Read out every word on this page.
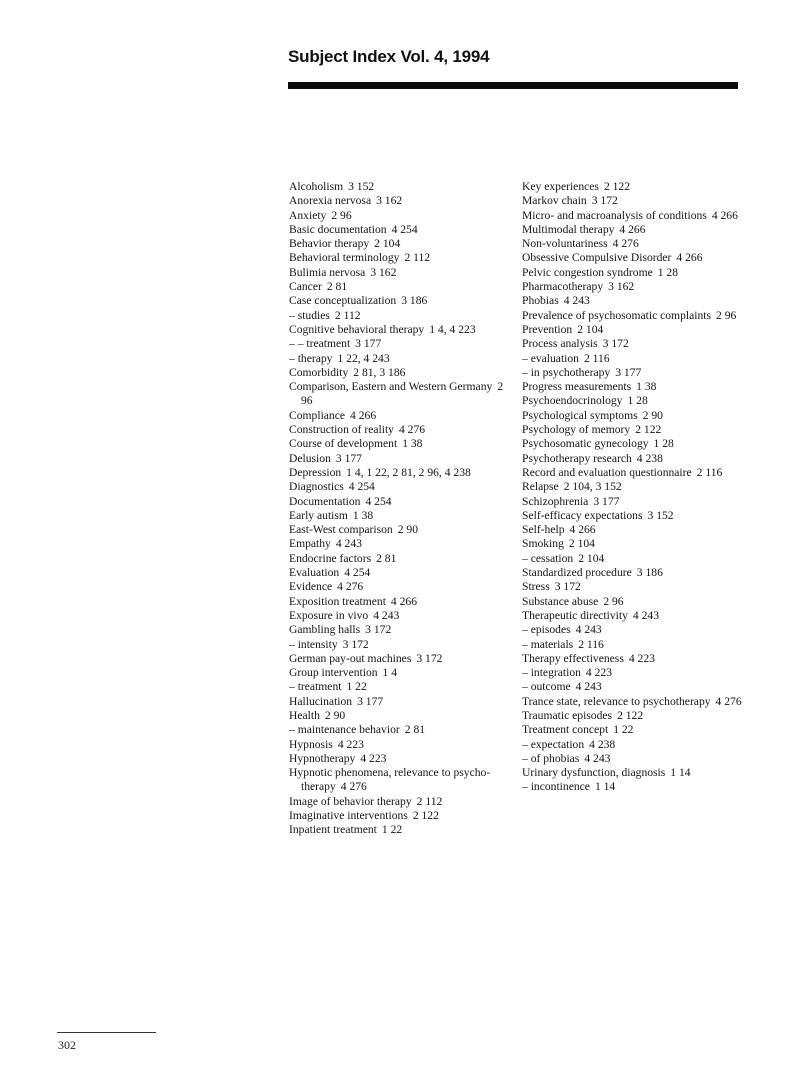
Subject Index Vol. 4, 1994
Alcoholism 3 152
Anorexia nervosa 3 162
Anxiety 2 96
Basic documentation 4 254
Behavior therapy 2 104
Behavioral terminology 2 112
Bulimia nervosa 3 162
Cancer 2 81
Case conceptualization 3 186
– studies 2 112
Cognitive behavioral therapy 1 4, 4 223
– – treatment 3 177
– therapy 1 22, 4 243
Comorbidity 2 81, 3 186
Comparison, Eastern and Western Germany 2 96
Compliance 4 266
Construction of reality 4 276
Course of development 1 38
Delusion 3 177
Depression 1 4, 1 22, 2 81, 2 96, 4 238
Diagnostics 4 254
Documentation 4 254
Early autism 1 38
East-West comparison 2 90
Empathy 4 243
Endocrine factors 2 81
Evaluation 4 254
Evidence 4 276
Exposition treatment 4 266
Exposure in vivo 4 243
Gambling halls 3 172
– intensity 3 172
German pay-out machines 3 172
Group intervention 1 4
– treatment 1 22
Hallucination 3 177
Health 2 90
– maintenance behavior 2 81
Hypnosis 4 223
Hypnotherapy 4 223
Hypnotic phenomena, relevance to psycho-therapy 4 276
Image of behavior therapy 2 112
Imaginative interventions 2 122
Inpatient treatment 1 22
Key experiences 2 122
Markov chain 3 172
Micro- and macroanalysis of conditions 4 266
Multimodal therapy 4 266
Non-voluntariness 4 276
Obsessive Compulsive Disorder 4 266
Pelvic congestion syndrome 1 28
Pharmacotherapy 3 162
Phobias 4 243
Prevalence of psychosomatic complaints 2 96
Prevention 2 104
Process analysis 3 172
– evaluation 2 116
– in psychotherapy 3 177
Progress measurements 1 38
Psychoendocrinology 1 28
Psychological symptoms 2 90
Psychology of memory 2 122
Psychosomatic gynecology 1 28
Psychotherapy research 4 238
Record and evaluation questionnaire 2 116
Relapse 2 104, 3 152
Schizophrenia 3 177
Self-efficacy expectations 3 152
Self-help 4 266
Smoking 2 104
– cessation 2 104
Standardized procedure 3 186
Stress 3 172
Substance abuse 2 96
Therapeutic directivity 4 243
– episodes 4 243
– materials 2 116
Therapy effectiveness 4 223
– integration 4 223
– outcome 4 243
Trance state, relevance to psychotherapy 4 276
Traumatic episodes 2 122
Treatment concept 1 22
– expectation 4 238
– of phobias 4 243
Urinary dysfunction, diagnosis 1 14
– incontinence 1 14
302
